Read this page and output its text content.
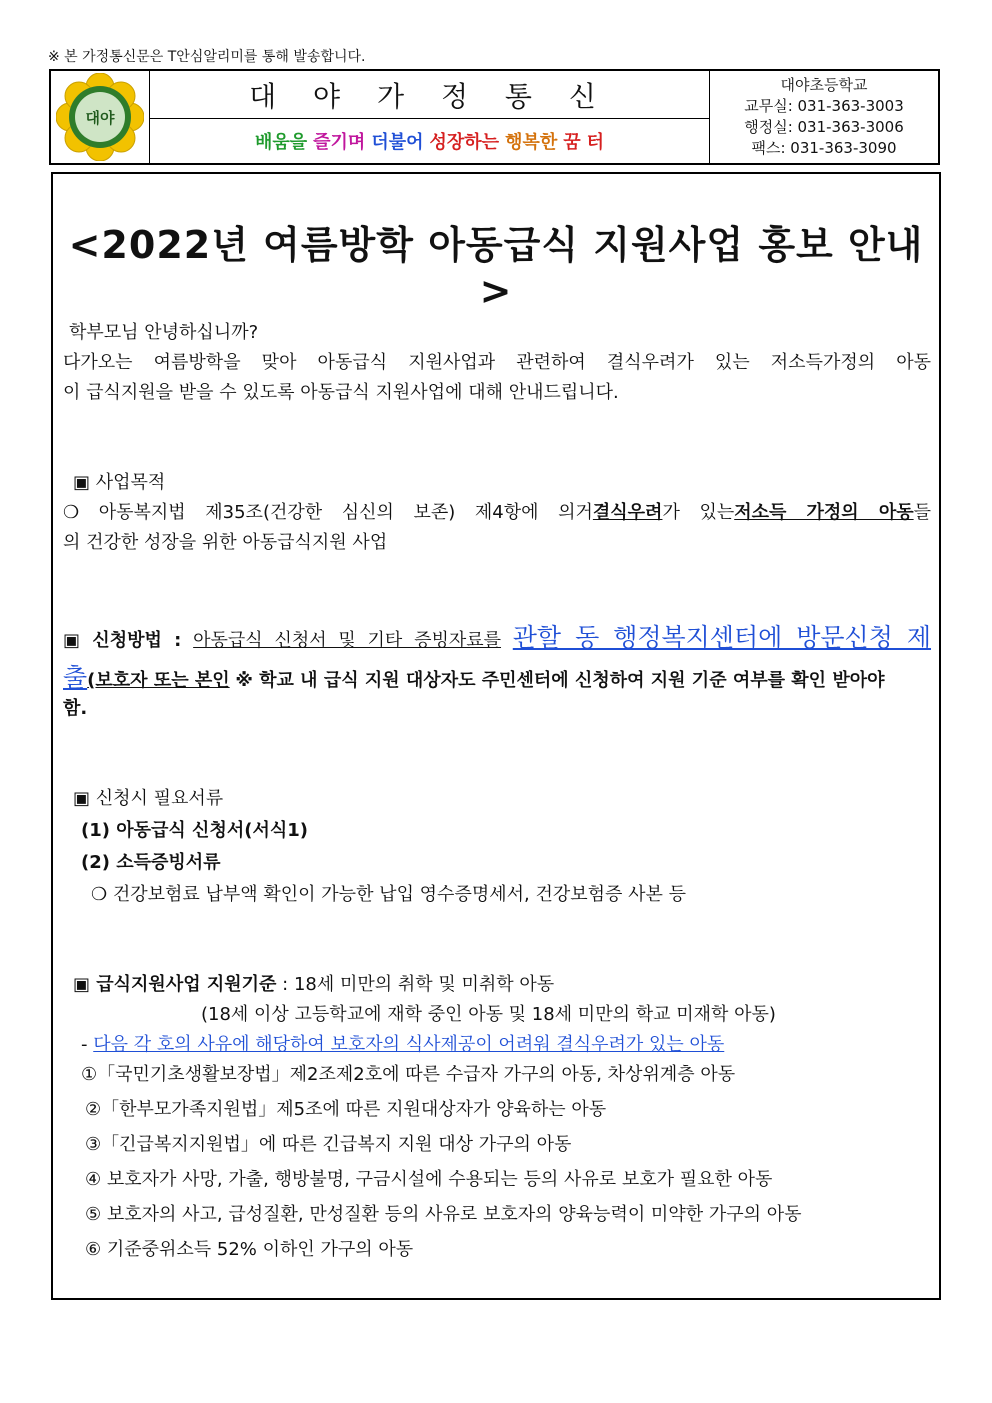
※ 본 가정통신문은 T안심알리미를 통해 발송합니다.
대야
대 야 가 정 통 신
배움을 즐기며 더불어 성장하는 행복한 꿈 터
대야초등학교
교무실: 031-363-3003
행정실: 031-363-3006
팩스: 031-363-3090
<2022년 여름방학 아동급식 지원사업 홍보 안내>
학부모님 안녕하십니까?
다가오는 여름방학을 맞아 아동급식 지원사업과 관련하여 결식우려가 있는 저소득가정의 아동
이 급식지원을 받을 수 있도록 아동급식 지원사업에 대해 안내드립니다.
▣ 사업목적
❍ 아동복지법 제35조(건강한 심신의 보존) 제4항에 의거결식우려가 있는저소득 가정의 아동들
의 건강한 성장을 위한 아동급식지원 사업
▣ 신청방법 : 아동급식 신청서 및 기타 증빙자료를 관할 동 행정복지센터에 방문신청 제
출(보호자 또는 본인 ※ 학교 내 급식 지원 대상자도 주민센터에 신청하여 지원 기준 여부를 확인 받아야
함.
▣ 신청시 필요서류
(1) 아동급식 신청서(서식1)
(2) 소득증빙서류
❍ 건강보험료 납부액 확인이 가능한 납입 영수증명세서, 건강보험증 사본 등
▣ 급식지원사업 지원기준 : 18세 미만의 취학 및 미취학 아동
(18세 이상 고등학교에 재학 중인 아동 및 18세 미만의 학교 미재학 아동)
- 다음 각 호의 사유에 해당하여 보호자의 식사제공이 어려워 결식우려가 있는 아동
①「국민기초생활보장법」제2조제2호에 따른 수급자 가구의 아동, 차상위계층 아동
②「한부모가족지원법」제5조에 따른 지원대상자가 양육하는 아동
③「긴급복지지원법」에 따른 긴급복지 지원 대상 가구의 아동
④ 보호자가 사망, 가출, 행방불명, 구금시설에 수용되는 등의 사유로 보호가 필요한 아동
⑤ 보호자의 사고, 급성질환, 만성질환 등의 사유로 보호자의 양육능력이 미약한 가구의 아동
⑥ 기준중위소득 52% 이하인 가구의 아동
